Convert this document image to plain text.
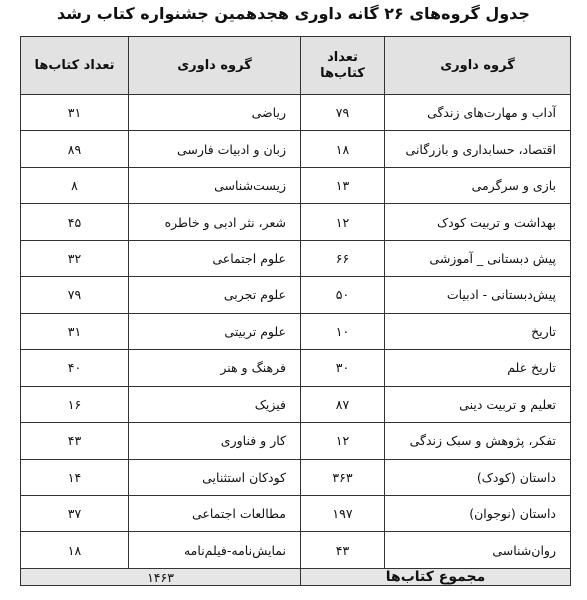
جدول گروه‌های ۲۶ گانه داوری هجدهمین جشنواره کتاب رشد
گروه داوری	تعداد کتاب‌ها	گروه داوری	تعداد کتاب‌ها
آداب و مهارت‌های زندگی	۷۹	ریاضی	۳۱
اقتصاد، حسابداری و بازرگانی	۱۸	زبان و ادبیات فارسی	۸۹
بازی و سرگرمی	۱۳	زیست‌شناسی	۸
بهداشت و تربیت کودک	۱۲	شعر، نثر ادبی و خاطره	۴۵
پیش دبستانی _ آموزشی	۶۶	علوم اجتماعی	۳۲
پیش‌دبستانی - ادبیات	۵۰	علوم تجربی	۷۹
تاریخ	۱۰	علوم تربیتی	۳۱
تاریخ علم	۳۰	فرهنگ و هنر	۴۰
تعلیم و تربیت دینی	۸۷	فیزیک	۱۶
تفکر، پژوهش و سبک زندگی	۱۲	کار و فناوری	۴۳
داستان (کودک)	۳۶۳	کودکان استثنایی	۱۴
داستان (نوجوان)	۱۹۷	مطالعات اجتماعی	۳۷
روان‌شناسی	۴۳	نمایش‌نامه-فیلم‌نامه	۱۸
مجموع کتاب‌ها		۱۴۶۳	
